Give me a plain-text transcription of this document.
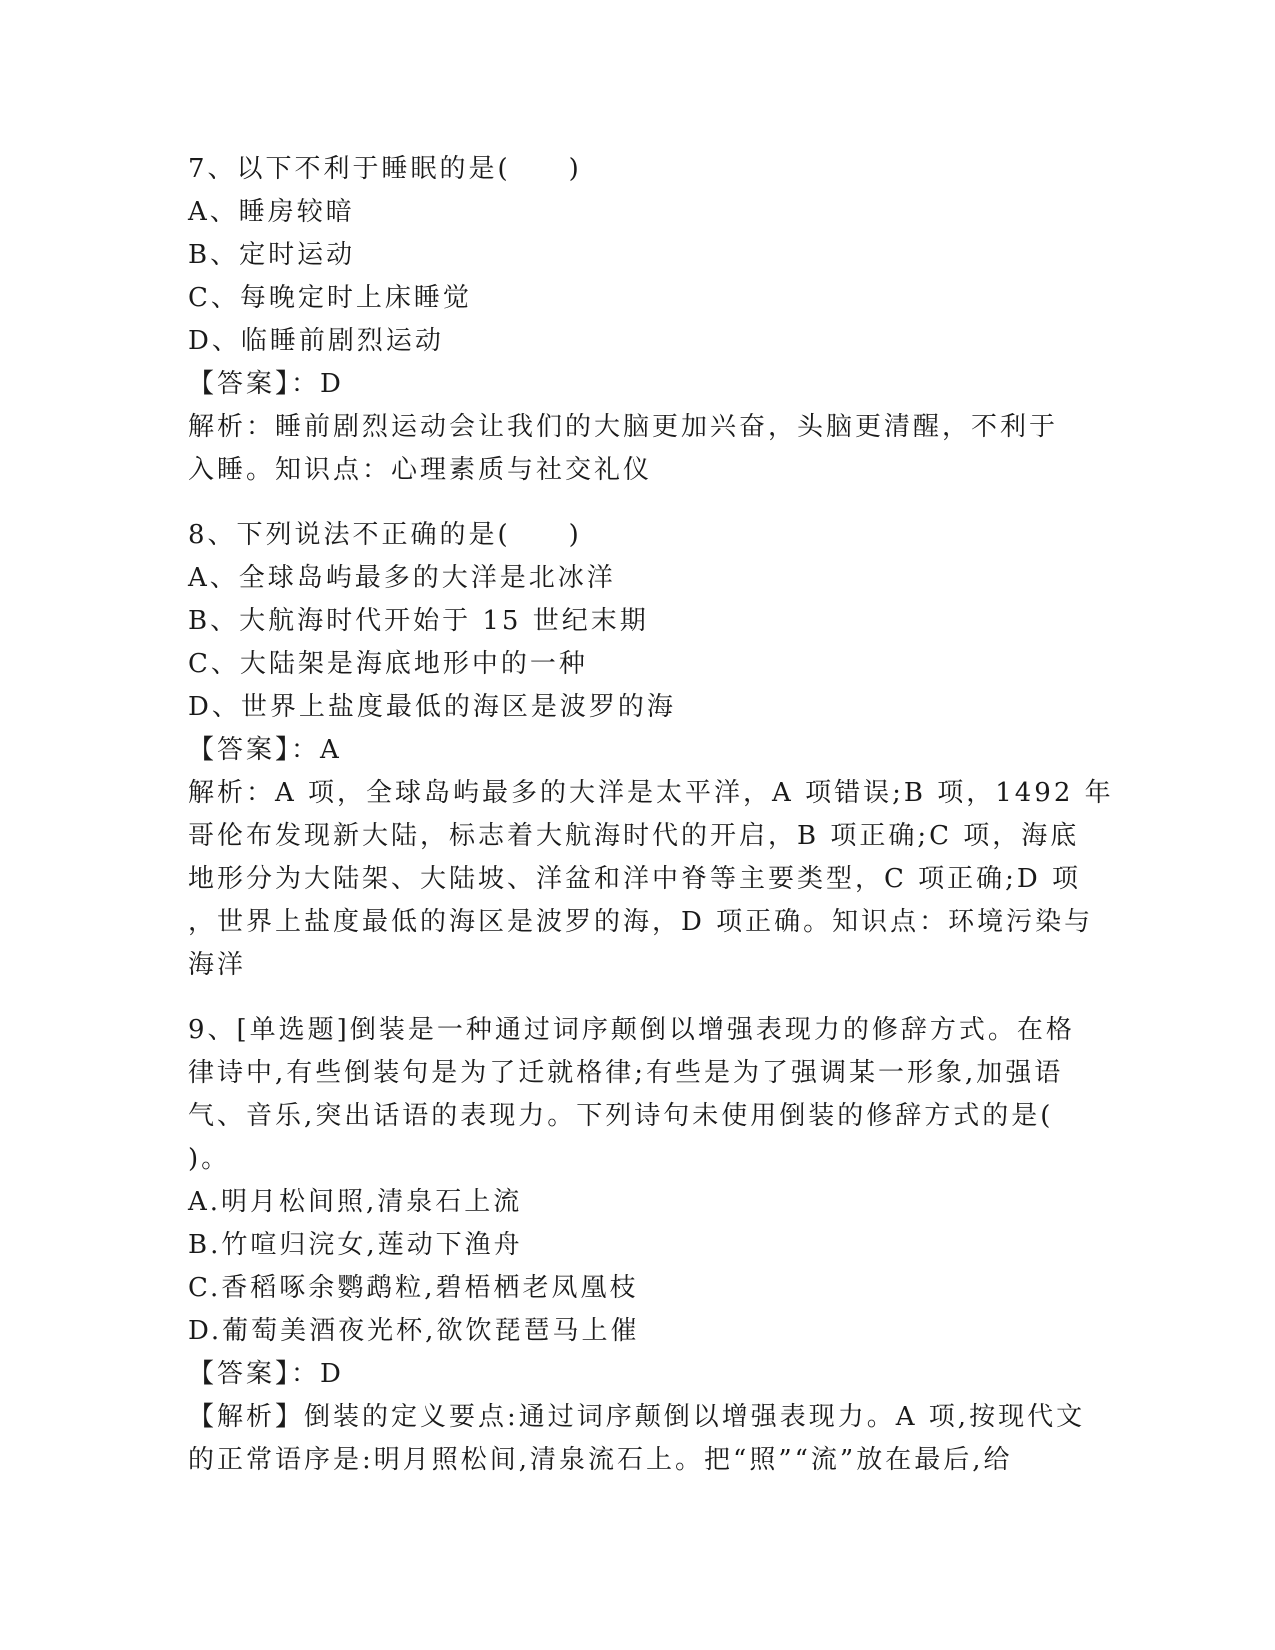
7、以下不利于睡眠的是(　　)
A、睡房较暗
B、定时运动
C、每晚定时上床睡觉
D、临睡前剧烈运动
【答案】：D
解析：睡前剧烈运动会让我们的大脑更加兴奋，头脑更清醒，不利于
入睡。知识点：心理素质与社交礼仪
8、下列说法不正确的是(　　)
A、全球岛屿最多的大洋是北冰洋
B、大航海时代开始于 15 世纪末期
C、大陆架是海底地形中的一种
D、世界上盐度最低的海区是波罗的海
【答案】：A
解析：A 项，全球岛屿最多的大洋是太平洋，A 项错误;B 项，1492 年
哥伦布发现新大陆，标志着大航海时代的开启，B 项正确;C 项，海底
地形分为大陆架、大陆坡、洋盆和洋中脊等主要类型，C 项正确;D 项
，世界上盐度最低的海区是波罗的海，D 项正确。知识点：环境污染与
海洋
9、[单选题]倒装是一种通过词序颠倒以增强表现力的修辞方式。在格
律诗中,有些倒装句是为了迁就格律;有些是为了强调某一形象,加强语
气、音乐,突出话语的表现力。下列诗句未使用倒装的修辞方式的是(
)。
A.明月松间照,清泉石上流
B.竹喧归浣女,莲动下渔舟
C.香稻啄余鹦鹉粒,碧梧栖老凤凰枝
D.葡萄美酒夜光杯,欲饮琵琶马上催
【答案】：D
【解析】倒装的定义要点:通过词序颠倒以增强表现力。A 项,按现代文
的正常语序是:明月照松间,清泉流石上。把“照”“流”放在最后,给
